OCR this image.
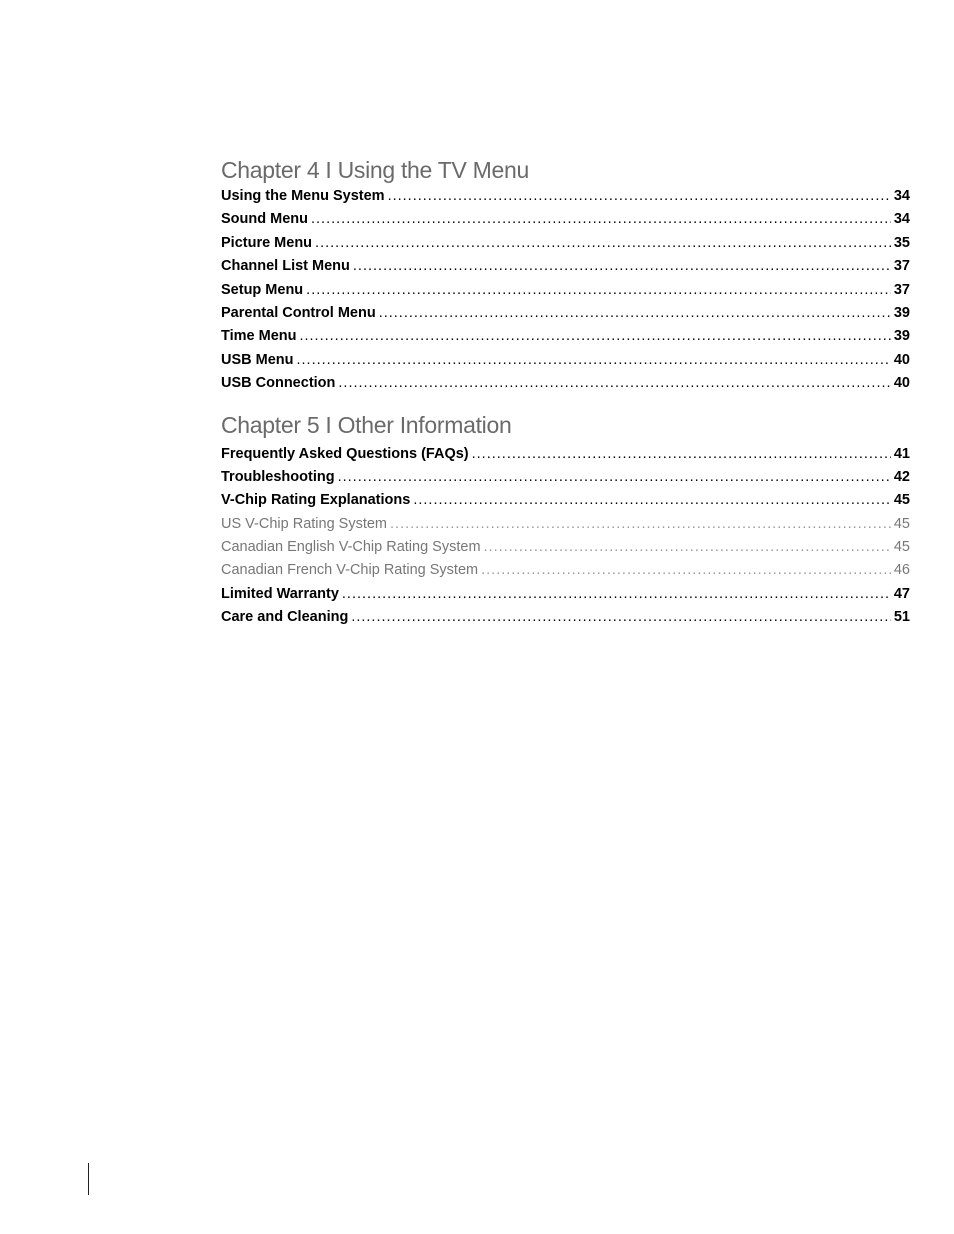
Chapter 4 I Using the TV Menu
Using the Menu System .....	34
Sound Menu .....	34
Picture Menu .....	35
Channel List Menu .....	37
Setup Menu .....	37
Parental Control Menu .....	39
Time Menu .....	39
USB Menu .....	40
USB Connection .....	40
Chapter 5 I Other Information
Frequently Asked Questions (FAQs) .....	41
Troubleshooting .....	42
V-Chip Rating Explanations .....	45
US V-Chip Rating System .....	45
Canadian English V-Chip Rating System .....	45
Canadian French V-Chip Rating System .....	46
Limited Warranty .....	47
Care and Cleaning .....	51
